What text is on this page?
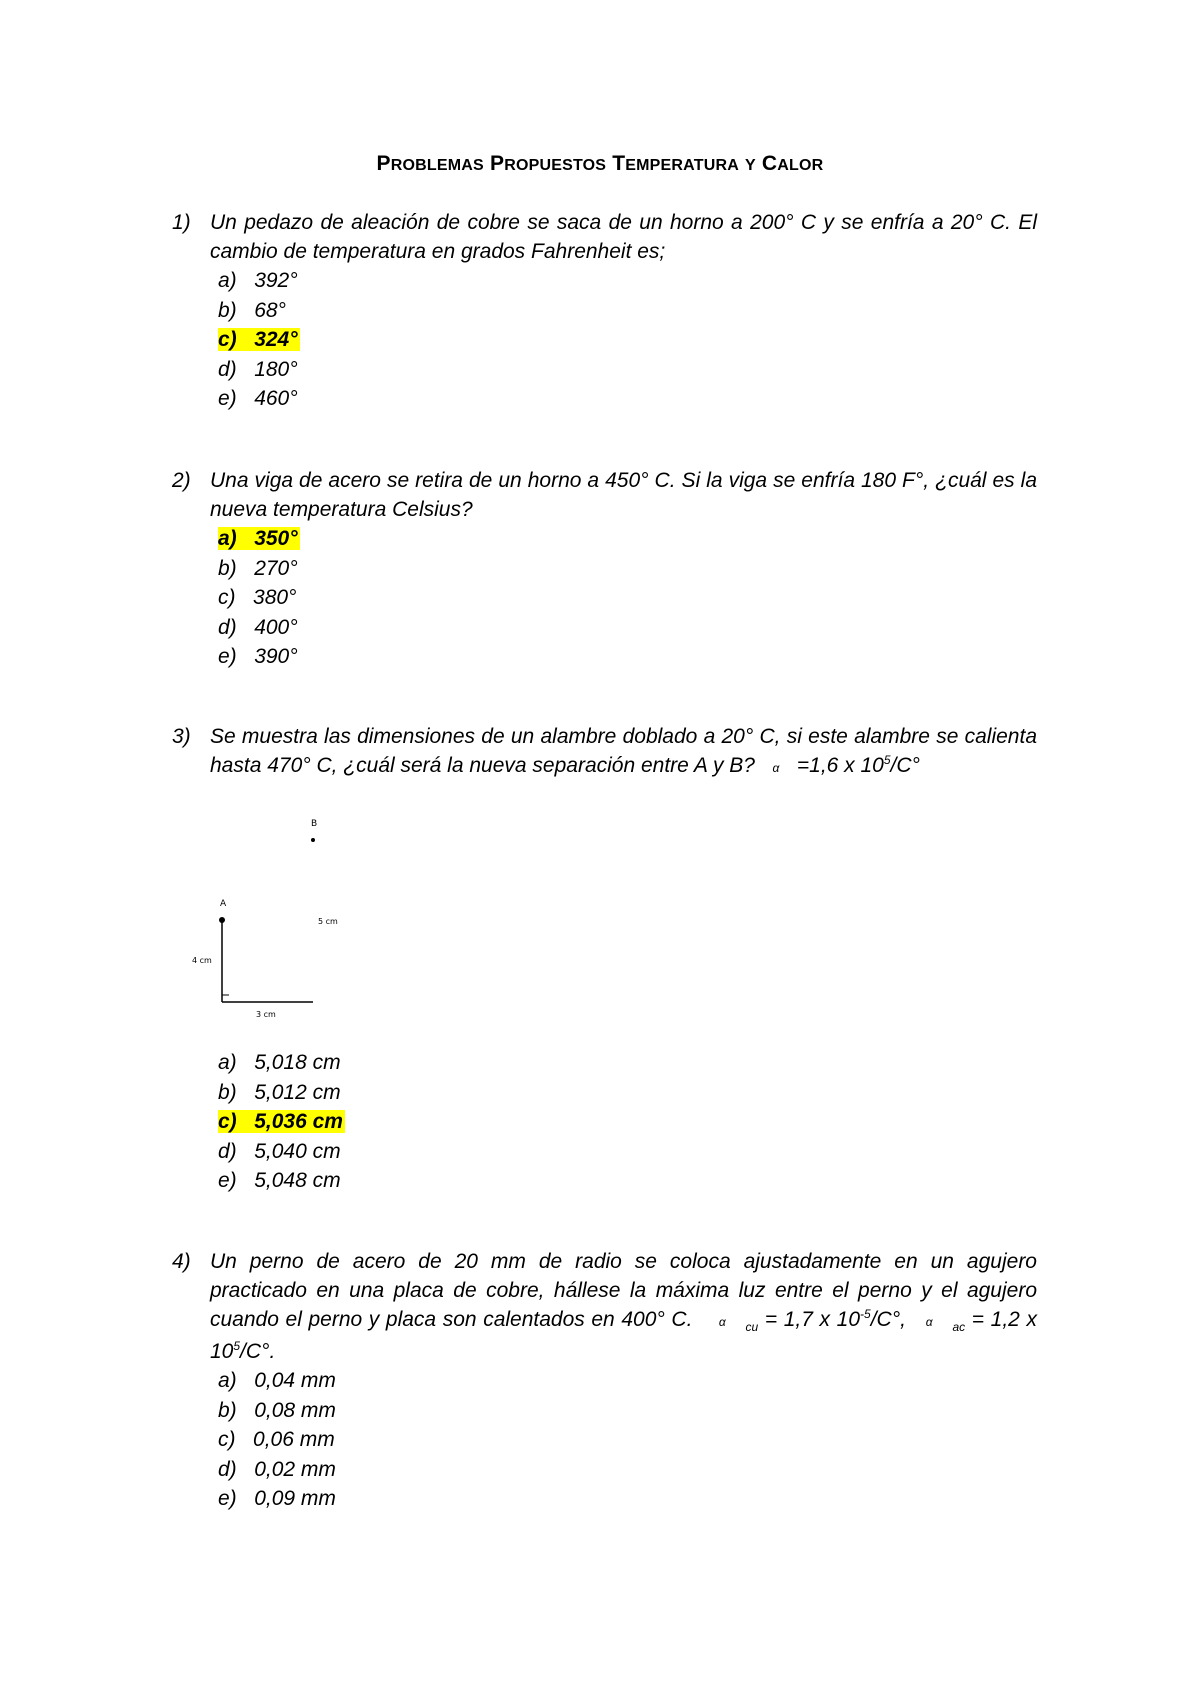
PROBLEMAS PROPUESTOS TEMPERATURA Y CALOR
1) Un pedazo de aleación de cobre se saca de un horno a 200° C y se enfría a 20° C. El cambio de temperatura en grados Fahrenheit es;
a) 392°
b) 68°
c) 324°
d) 180°
e) 460°
2) Una viga de acero se retira de un horno a 450° C. Si la viga se enfría 180 F°, ¿cuál es la nueva temperatura Celsius?
a) 350°
b) 270°
c) 380°
d) 400°
e) 390°
3) Se muestra las dimensiones de un alambre doblado a 20° C, si este alambre se calienta hasta 470° C, ¿cuál será la nueva separación entre A y B? α =1,6 x $10^5/C^\circ$
B
A
5 cm
4 cm
3 cm
a) 5,018 cm
b) 5,012 cm
c) 5,036 cm
d) 5,040 cm
e) 5,048 cm
4) Un perno de acero de 20 mm de radio se coloca ajustadamente en un agujero practicado en una placa de cobre, hállese la máxima luz entre el perno y el agujero cuando el perno y placa son calentados en 400° C. α $_{cu}$ = 1,7 x $10^{-5}/C^\circ$, α $_{ac}$ = 1,2 x $10^5/C^\circ$.
a) 0,04 mm
b) 0,08 mm
c) 0,06 mm
d) 0,02 mm
e) 0,09 mm
